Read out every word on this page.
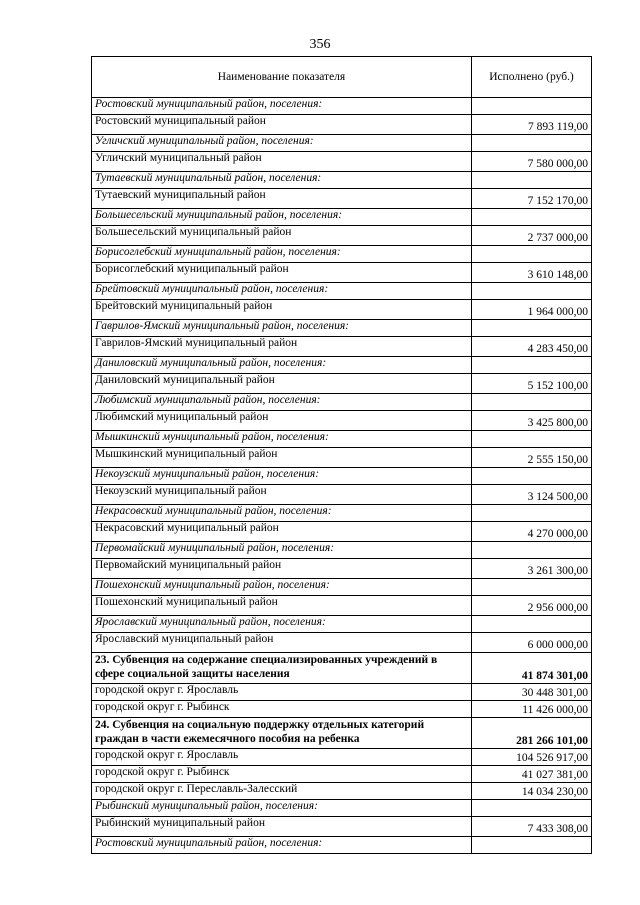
356
Наименование показателя	Исполнено (руб.)
Ростовский муниципальный район, поселения:	
Ростовский муниципальный район	7 893 119,00
Угличский муниципальный район, поселения:	
Угличский муниципальный район	7 580 000,00
Тутаевский муниципальный район, поселения:	
Тутаевский муниципальный район	7 152 170,00
Большесельский муниципальный район, поселения:	
Большесельский муниципальный район	2 737 000,00
Борисоглебский муниципальный район, поселения:	
Борисоглебский муниципальный район	3 610 148,00
Брейтовский муниципальный район, поселения:	
Брейтовский муниципальный район	1 964 000,00
Гаврилов-Ямский муниципальный район, поселения:	
Гаврилов-Ямский муниципальный район	4 283 450,00
Даниловский муниципальный район, поселения:	
Даниловский муниципальный район	5 152 100,00
Любимский муниципальный район, поселения:	
Любимский муниципальный район	3 425 800,00
Мышкинский муниципальный район, поселения:	
Мышкинский муниципальный район	2 555 150,00
Некоузский муниципальный район, поселения:	
Некоузский муниципальный район	3 124 500,00
Некрасовский муниципальный район, поселения:	
Некрасовский муниципальный район	4 270 000,00
Первомайский муниципальный район, поселения:	
Первомайский муниципальный район	3 261 300,00
Пошехонский муниципальный район, поселения:	
Пошехонский муниципальный район	2 956 000,00
Ярославский муниципальный район, поселения:	
Ярославский муниципальный район	6 000 000,00
23. Субвенция на содержание специализированных учреждений в сфере социальной защиты населения	41 874 301,00
городской округ г. Ярославль	30 448 301,00
городской округ г. Рыбинск	11 426 000,00
24. Субвенция на социальную поддержку отдельных категорий граждан в части ежемесячного пособия на ребенка	281 266 101,00
городской округ г. Ярославль	104 526 917,00
городской округ г. Рыбинск	41 027 381,00
городской округ г. Переславль-Залесский	14 034 230,00
Рыбинский муниципальный район, поселения:	
Рыбинский муниципальный район	7 433 308,00
Ростовский муниципальный район, поселения:	
